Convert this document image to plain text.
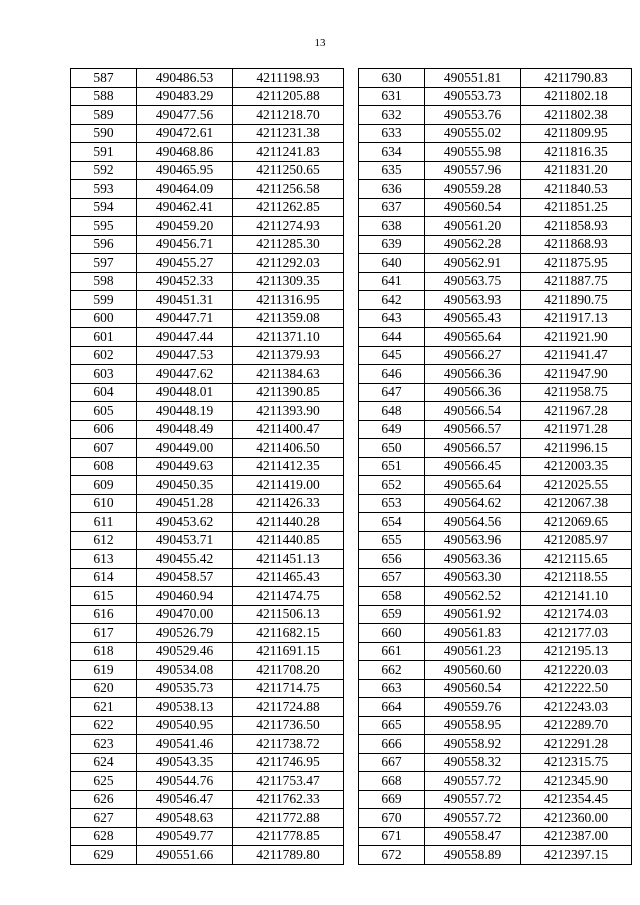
13
587	490486.53	4211198.93
588	490483.29	4211205.88
589	490477.56	4211218.70
590	490472.61	4211231.38
591	490468.86	4211241.83
592	490465.95	4211250.65
593	490464.09	4211256.58
594	490462.41	4211262.85
595	490459.20	4211274.93
596	490456.71	4211285.30
597	490455.27	4211292.03
598	490452.33	4211309.35
599	490451.31	4211316.95
600	490447.71	4211359.08
601	490447.44	4211371.10
602	490447.53	4211379.93
603	490447.62	4211384.63
604	490448.01	4211390.85
605	490448.19	4211393.90
606	490448.49	4211400.47
607	490449.00	4211406.50
608	490449.63	4211412.35
609	490450.35	4211419.00
610	490451.28	4211426.33
611	490453.62	4211440.28
612	490453.71	4211440.85
613	490455.42	4211451.13
614	490458.57	4211465.43
615	490460.94	4211474.75
616	490470.00	4211506.13
617	490526.79	4211682.15
618	490529.46	4211691.15
619	490534.08	4211708.20
620	490535.73	4211714.75
621	490538.13	4211724.88
622	490540.95	4211736.50
623	490541.46	4211738.72
624	490543.35	4211746.95
625	490544.76	4211753.47
626	490546.47	4211762.33
627	490548.63	4211772.88
628	490549.77	4211778.85
629	490551.66	4211789.80
630	490551.81	4211790.83
631	490553.73	4211802.18
632	490553.76	4211802.38
633	490555.02	4211809.95
634	490555.98	4211816.35
635	490557.96	4211831.20
636	490559.28	4211840.53
637	490560.54	4211851.25
638	490561.20	4211858.93
639	490562.28	4211868.93
640	490562.91	4211875.95
641	490563.75	4211887.75
642	490563.93	4211890.75
643	490565.43	4211917.13
644	490565.64	4211921.90
645	490566.27	4211941.47
646	490566.36	4211947.90
647	490566.36	4211958.75
648	490566.54	4211967.28
649	490566.57	4211971.28
650	490566.57	4211996.15
651	490566.45	4212003.35
652	490565.64	4212025.55
653	490564.62	4212067.38
654	490564.56	4212069.65
655	490563.96	4212085.97
656	490563.36	4212115.65
657	490563.30	4212118.55
658	490562.52	4212141.10
659	490561.92	4212174.03
660	490561.83	4212177.03
661	490561.23	4212195.13
662	490560.60	4212220.03
663	490560.54	4212222.50
664	490559.76	4212243.03
665	490558.95	4212289.70
666	490558.92	4212291.28
667	490558.32	4212315.75
668	490557.72	4212345.90
669	490557.72	4212354.45
670	490557.72	4212360.00
671	490558.47	4212387.00
672	490558.89	4212397.15
